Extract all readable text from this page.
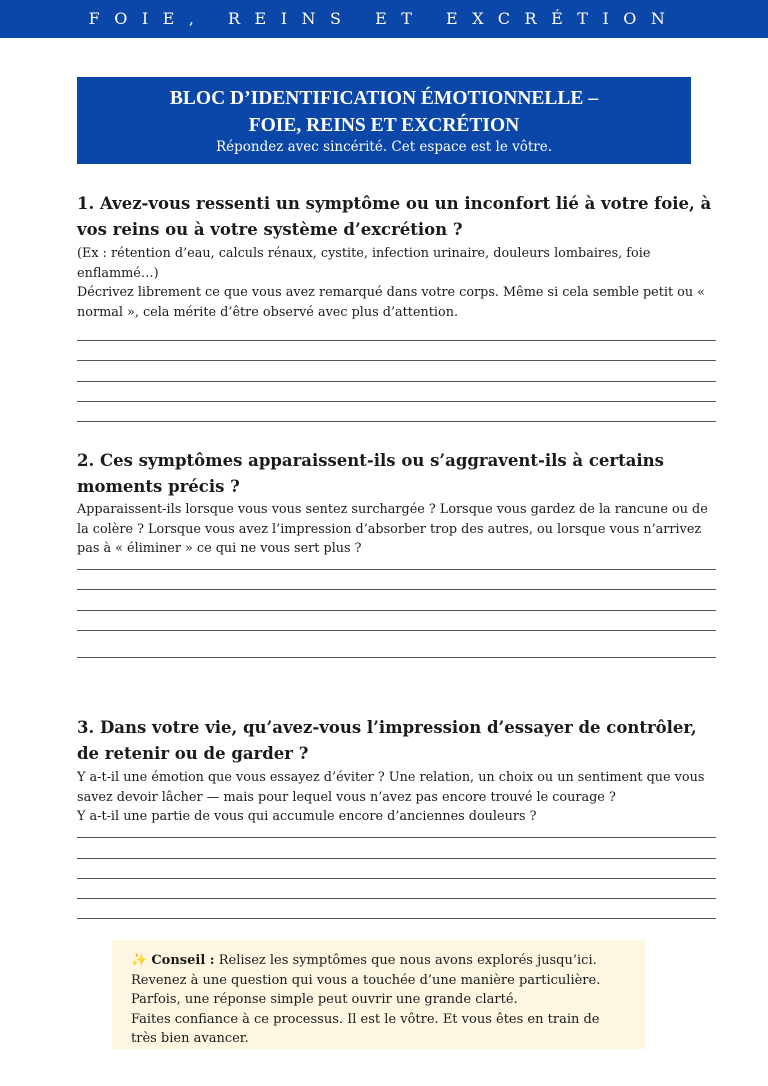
FOIE, REINS ET EXCRÉTION
BLOC D’IDENTIFICATION ÉMOTIONNELLE –
FOIE, REINS ET EXCRÉTION
Répondez avec sincérité. Cet espace est le vôtre.

1. Avez-vous ressenti un symptôme ou un inconfort lié à votre foie, à vos reins ou à votre système d’excrétion ?

(Ex : rétention d’eau, calculs rénaux, cystite, infection urinaire, douleurs lombaires, foie enflammé…)

Décrivez librement ce que vous avez remarqué dans votre corps. Même si cela semble petit ou « normal », cela mérite d’être observé avec plus d’attention.

2. Ces symptômes apparaissent-ils ou s’aggravent-ils à certains moments précis ?

Apparaissent-ils lorsque vous vous sentez surchargée ? Lorsque vous gardez de la rancune ou de la colère ? Lorsque vous avez l’impression d’absorber trop des autres, ou lorsque vous n’arrivez pas à « éliminer » ce qui ne vous sert plus ?

3. Dans votre vie, qu’avez-vous l’impression d’essayer de contrôler, de retenir ou de garder ?

Y a-t-il une émotion que vous essayez d’éviter ? Une relation, un choix ou un sentiment que vous savez devoir lâcher — mais pour lequel vous n’avez pas encore trouvé le courage ?

Y a-t-il une partie de vous qui accumule encore d’anciennes douleurs ?

✨ Conseil : Relisez les symptômes que nous avons explorés jusqu’ici.
Revenez à une question qui vous a touchée d’une manière particulière.
Parfois, une réponse simple peut ouvrir une grande clarté.
Faites confiance à ce processus. Il est le vôtre. Et vous êtes en train de très bien avancer.
